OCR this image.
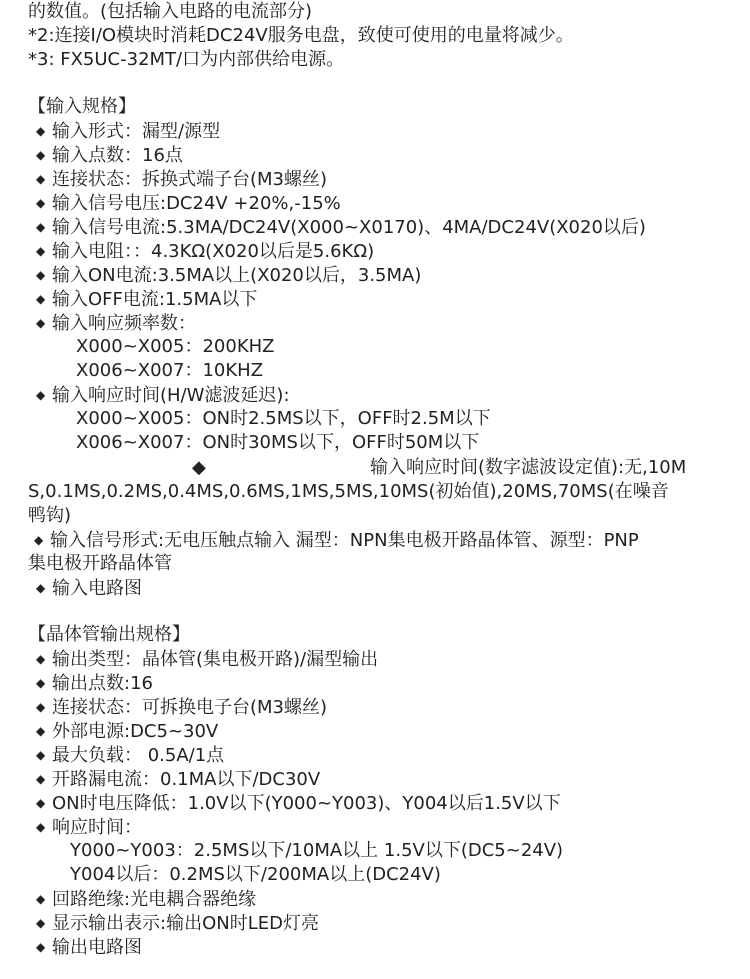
的数值。(包括输入电路的电流部分)
*2:连接I/O模块时消耗DC24V服务电盘，致使可使用的电量将减少。
*3: FX5UC-32MT/口为内部供给电源。
【输入规格】
◆ 输入形式：漏型/源型
◆ 输入点数：16点
◆ 连接状态：拆换式端子台(M3螺丝)
◆ 输入信号电压:DC24V +20%,-15%
◆ 输入信号电流:5.3MA/DC24V(X000~X0170)、4MA/DC24V(X020以后)
◆ 输入电阻：：4.3KΩ(X020以后是5.6KΩ)
◆ 输入ON电流:3.5MA以上(X020以后，3.5MA)
◆ 输入OFF电流:1.5MA以下
◆ 输入响应频率数：
X000~X005：200KHZ
X006~X007：10KHZ
◆ 输入响应时间(H/W滤波延迟):
X000~X005：ON时2.5MS以下，OFF时2.5M以下
X006~X007：ON时30MS以下，OFF时50M以下
◆	输入响应时间(数字滤波设定值):无,10M
S,0.1MS,0.2MS,0.4MS,0.6MS,1MS,5MS,10MS(初始值),20MS,70MS(在噪音
鸭钩)
◆ 输入信号形式:无电压触点输入 漏型：NPN集电极开路晶体管、源型：PNP
集电极开路晶体管
◆ 输入电路图
【晶体管输出规格】
◆ 输出类型：晶体管(集电极开路)/漏型输出
◆ 输出点数:16
◆ 连接状态：可拆换电子台(M3螺丝)
◆ 外部电源:DC5~30V
◆ 最大负载： 0.5A/1点
◆ 开路漏电流：0.1MA以下/DC30V
◆ ON时电压降低：1.0V以下(Y000~Y003)、Y004以后1.5V以下
◆ 响应时间：
Y000~Y003：2.5MS以下/10MA以上 1.5V以下(DC5~24V)
Y004以后：0.2MS以下/200MA以上(DC24V)
◆ 回路绝缘:光电耦合器绝缘
◆ 显示输出表示:输出ON时LED灯亮
◆ 输出电路图
